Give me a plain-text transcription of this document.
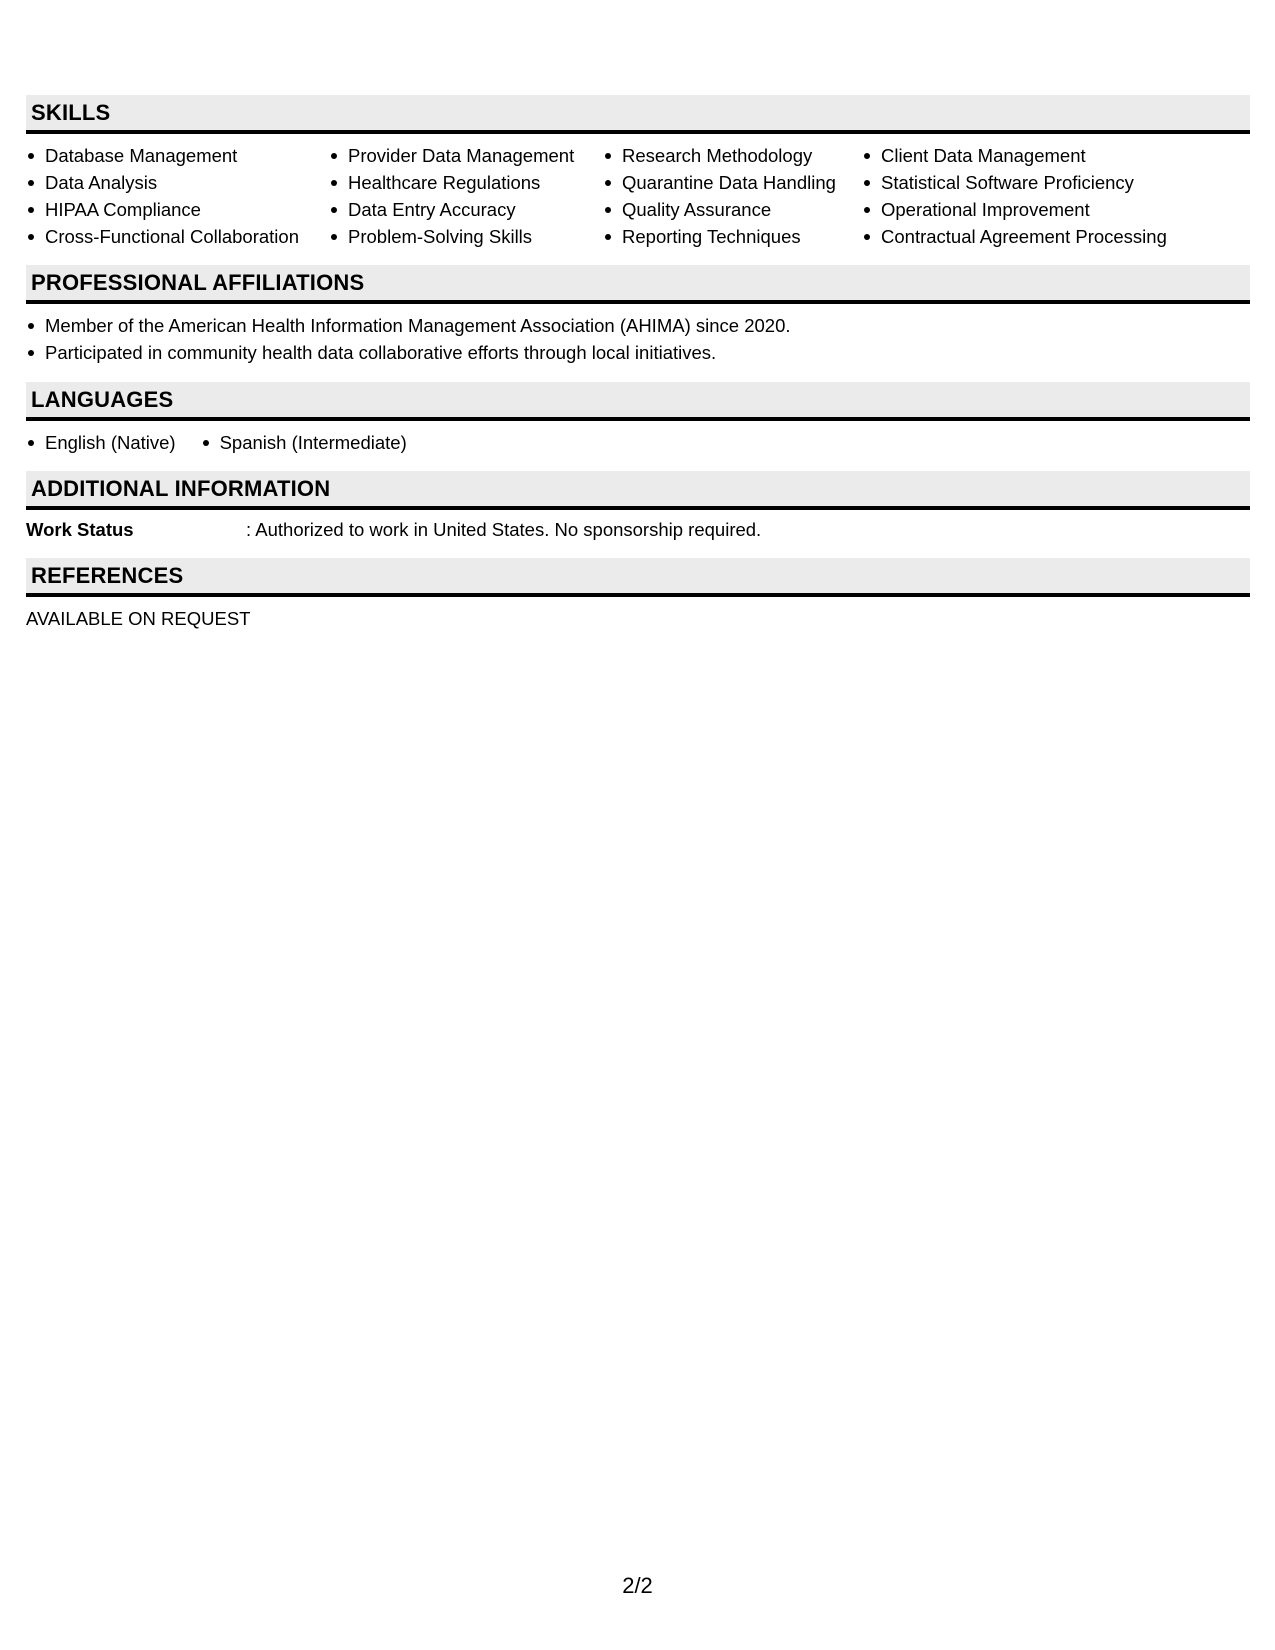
SKILLS
Database Management
Data Analysis
HIPAA Compliance
Cross-Functional Collaboration
Provider Data Management
Healthcare Regulations
Data Entry Accuracy
Problem-Solving Skills
Research Methodology
Quarantine Data Handling
Quality Assurance
Reporting Techniques
Client Data Management
Statistical Software Proficiency
Operational Improvement
Contractual Agreement Processing
PROFESSIONAL AFFILIATIONS
Member of the American Health Information Management Association (AHIMA) since 2020.
Participated in community health data collaborative efforts through local initiatives.
LANGUAGES
English (Native)	Spanish (Intermediate)
ADDITIONAL INFORMATION
Work Status	: Authorized to work in United States. No sponsorship required.
REFERENCES
AVAILABLE ON REQUEST
2/2
